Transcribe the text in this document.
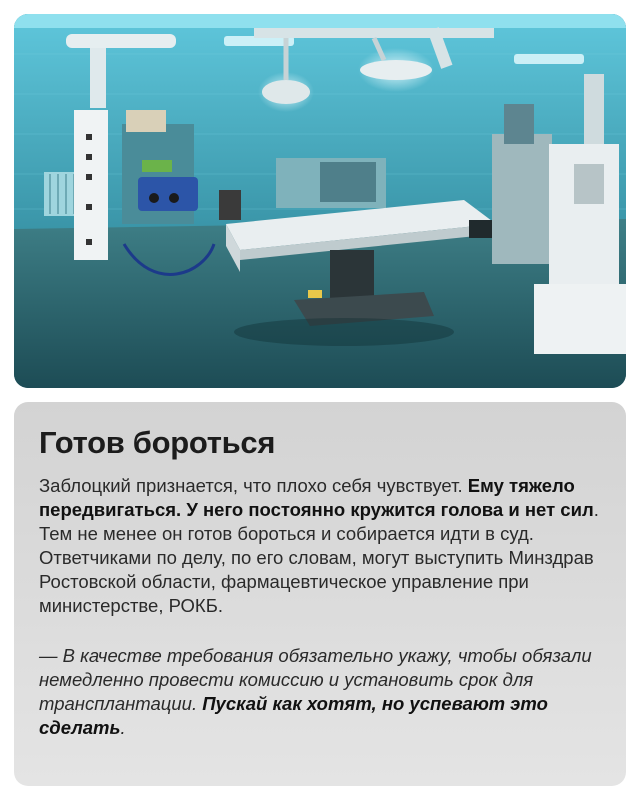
Готов бороться

Заблоцкий признается, что плохо себя чувствует. Ему тяжело передвигаться. У него постоянно кружится голова и нет сил. Тем не менее он готов бороться и собирается идти в суд. Ответчиками по делу, по его словам, могут выступить Минздрав Ростовской области, фармацевтическое управление при министерстве, РОКБ.

— В качестве требования обязательно укажу, чтобы обязали немедленно провести комиссию и установить срок для трансплантации. Пускай как хотят, но успевают это сделать.
